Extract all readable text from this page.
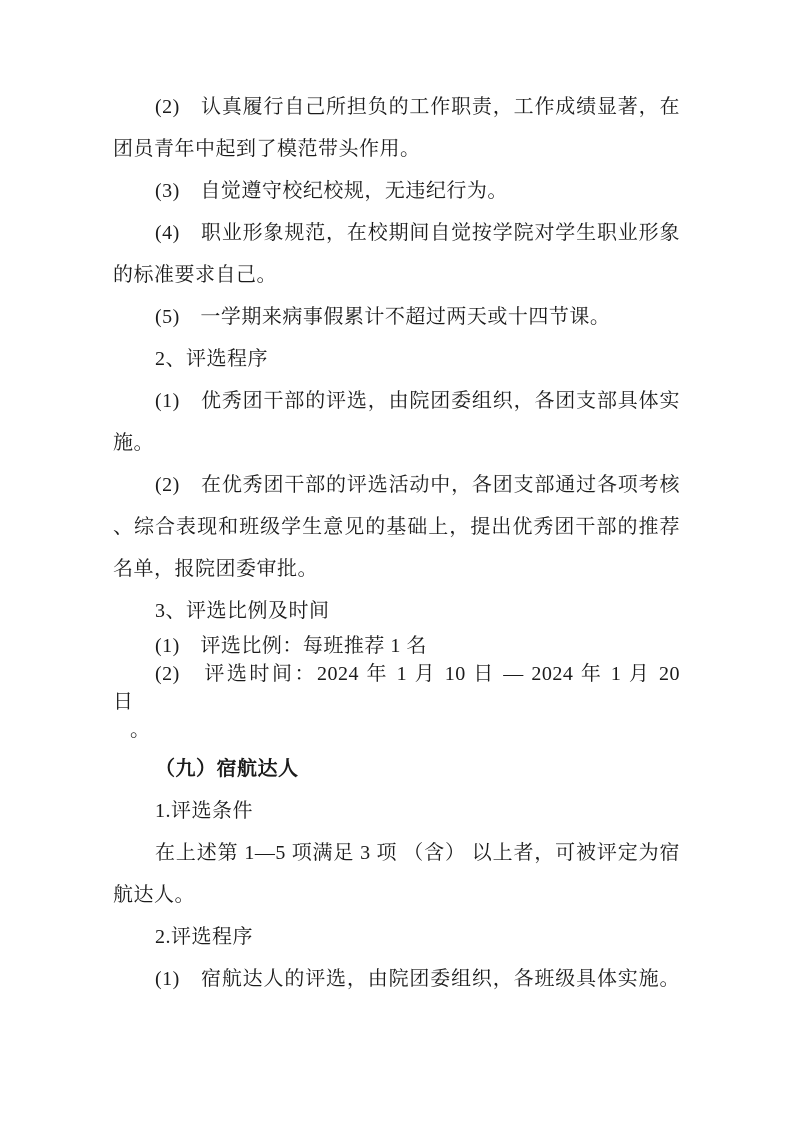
(2)　认真履行自己所担负的工作职责，工作成绩显著，在
团员青年中起到了模范带头作用。

(3)　自觉遵守校纪校规，无违纪行为。

(4)　职业形象规范，在校期间自觉按学院对学生职业形象
的标准要求自己。

(5)　一学期来病事假累计不超过两天或十四节课。

2、评选程序

(1)　优秀团干部的评选，由院团委组织，各团支部具体实
施。

(2)　在优秀团干部的评选活动中，各团支部通过各项考核
、综合表现和班级学生意见的基础上，提出优秀团干部的推荐
名单，报院团委审批。

3、评选比例及时间

(1)　评选比例：每班推荐 1 名

(2)　评选时间：2024 年 1 月 10 日 — 2024 年 1 月 20
日
。

（九）宿航达人

1.评选条件

在上述第 1—5 项满足 3 项 （含） 以上者，可被评定为宿
航达人。

2.评选程序

(1)　宿航达人的评选，由院团委组织，各班级具体实施。
